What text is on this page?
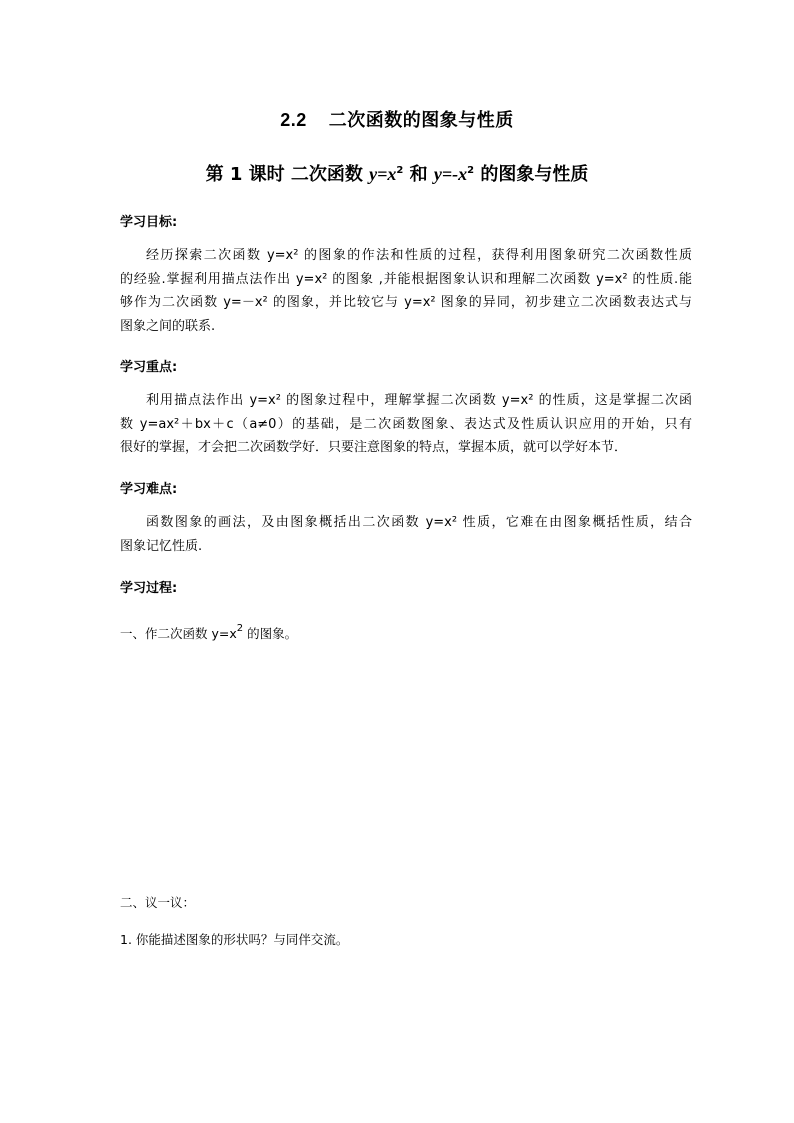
2.2 二次函数的图象与性质
第 1 课时 二次函数 $y=x^2$ 和 $y=-x^2$ 的图象与性质
学习目标:
经历探索二次函数 y=x² 的图象的作法和性质的过程，获得利用图象研究二次函数性质
的经验.掌握利用描点法作出 y=x² 的图象 ,并能根据图象认识和理解二次函数 y=x² 的性质.能
够作为二次函数 y=－x² 的图象，并比较它与 y=x² 图象的异同，初步建立二次函数表达式与
图象之间的联系.
学习重点:
利用描点法作出 y=x² 的图象过程中，理解掌握二次函数 y=x² 的性质，这是掌握二次函
数 y=ax²＋bx＋c（a≠0）的基础，是二次函数图象、表达式及性质认识应用的开始，只有
很好的掌握，才会把二次函数学好．只要注意图象的特点，掌握本质，就可以学好本节．
学习难点:
函数图象的画法，及由图象概括出二次函数 y=x² 性质，它难在由图象概括性质，结合
图象记忆性质.
学习过程:
一、作二次函数 $y=x^2$ 的图象。
二、议一议：
1. 你能描述图象的形状吗？与同伴交流。
